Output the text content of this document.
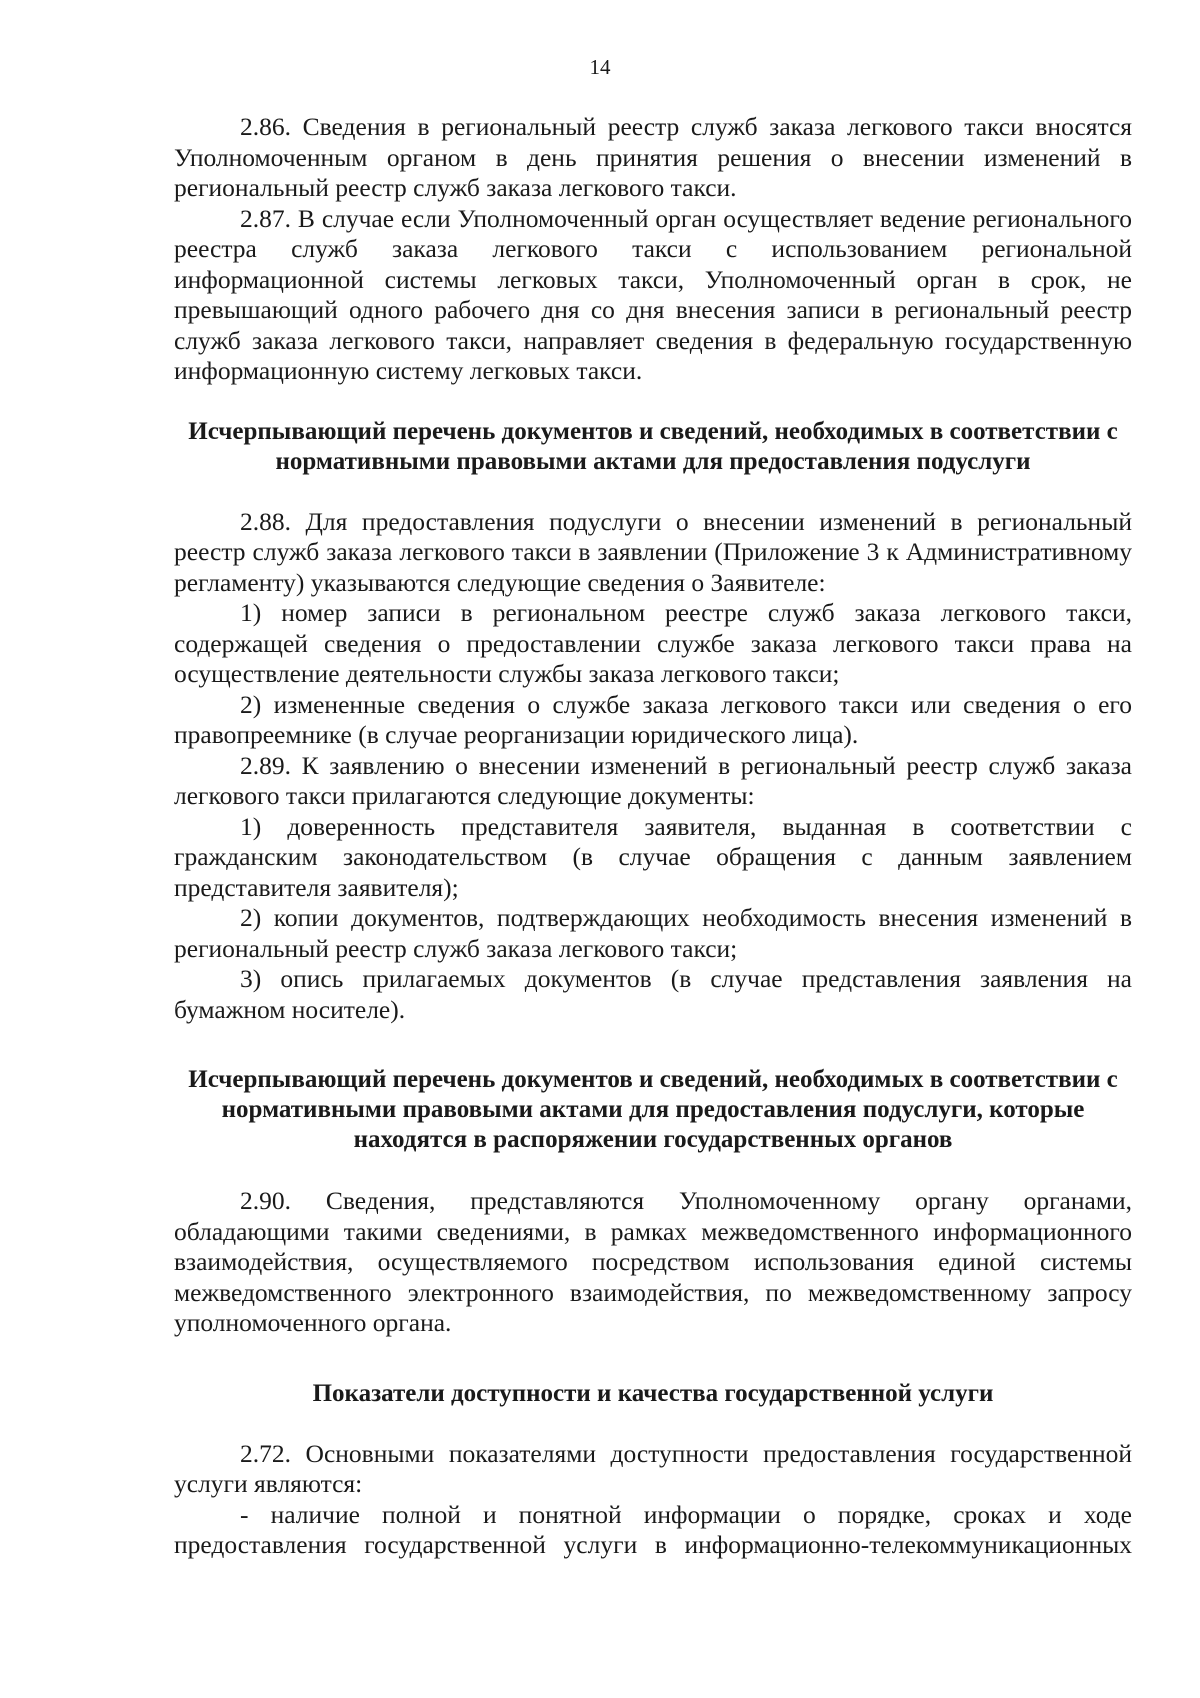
14

2.86. Сведения в региональный реестр служб заказа легкового такси вносятся Уполномоченным органом в день принятия решения о внесении изменений в региональный реестр служб заказа легкового такси.

2.87. В случае если Уполномоченный орган осуществляет ведение регионального реестра служб заказа легкового такси с использованием региональной информационной системы легковых такси, Уполномоченный орган в срок, не превышающий одного рабочего дня со дня внесения записи в региональный реестр служб заказа легкового такси, направляет сведения в федеральную государственную информационную систему легковых такси.

Исчерпывающий перечень документов и сведений, необходимых в соответствии с нормативными правовыми актами для предоставления подуслуги

2.88. Для предоставления подуслуги о внесении изменений в региональный реестр служб заказа легкового такси в заявлении (Приложение 3 к Административному регламенту) указываются следующие сведения о Заявителе:

1) номер записи в региональном реестре служб заказа легкового такси, содержащей сведения о предоставлении службе заказа легкового такси права на осуществление деятельности службы заказа легкового такси;

2) измененные сведения о службе заказа легкового такси или сведения о его правопреемнике (в случае реорганизации юридического лица).

2.89. К заявлению о внесении изменений в региональный реестр служб заказа легкового такси прилагаются следующие документы:

1) доверенность представителя заявителя, выданная в соответствии с гражданским законодательством (в случае обращения с данным заявлением представителя заявителя);

2) копии документов, подтверждающих необходимость внесения изменений в региональный реестр служб заказа легкового такси;

3) опись прилагаемых документов (в случае представления заявления на бумажном носителе).

Исчерпывающий перечень документов и сведений, необходимых в соответствии с нормативными правовыми актами для предоставления подуслуги, которые находятся в распоряжении государственных органов

2.90. Сведения, представляются Уполномоченному органу органами, обладающими такими сведениями, в рамках межведомственного информационного взаимодействия, осуществляемого посредством использования единой системы межведомственного электронного взаимодействия, по межведомственному запросу уполномоченного органа.

Показатели доступности и качества государственной услуги

2.72. Основными показателями доступности предоставления государственной услуги являются:

- наличие полной и понятной информации о порядке, сроках и ходе предоставления государственной услуги в информационно-телекоммуникационных
